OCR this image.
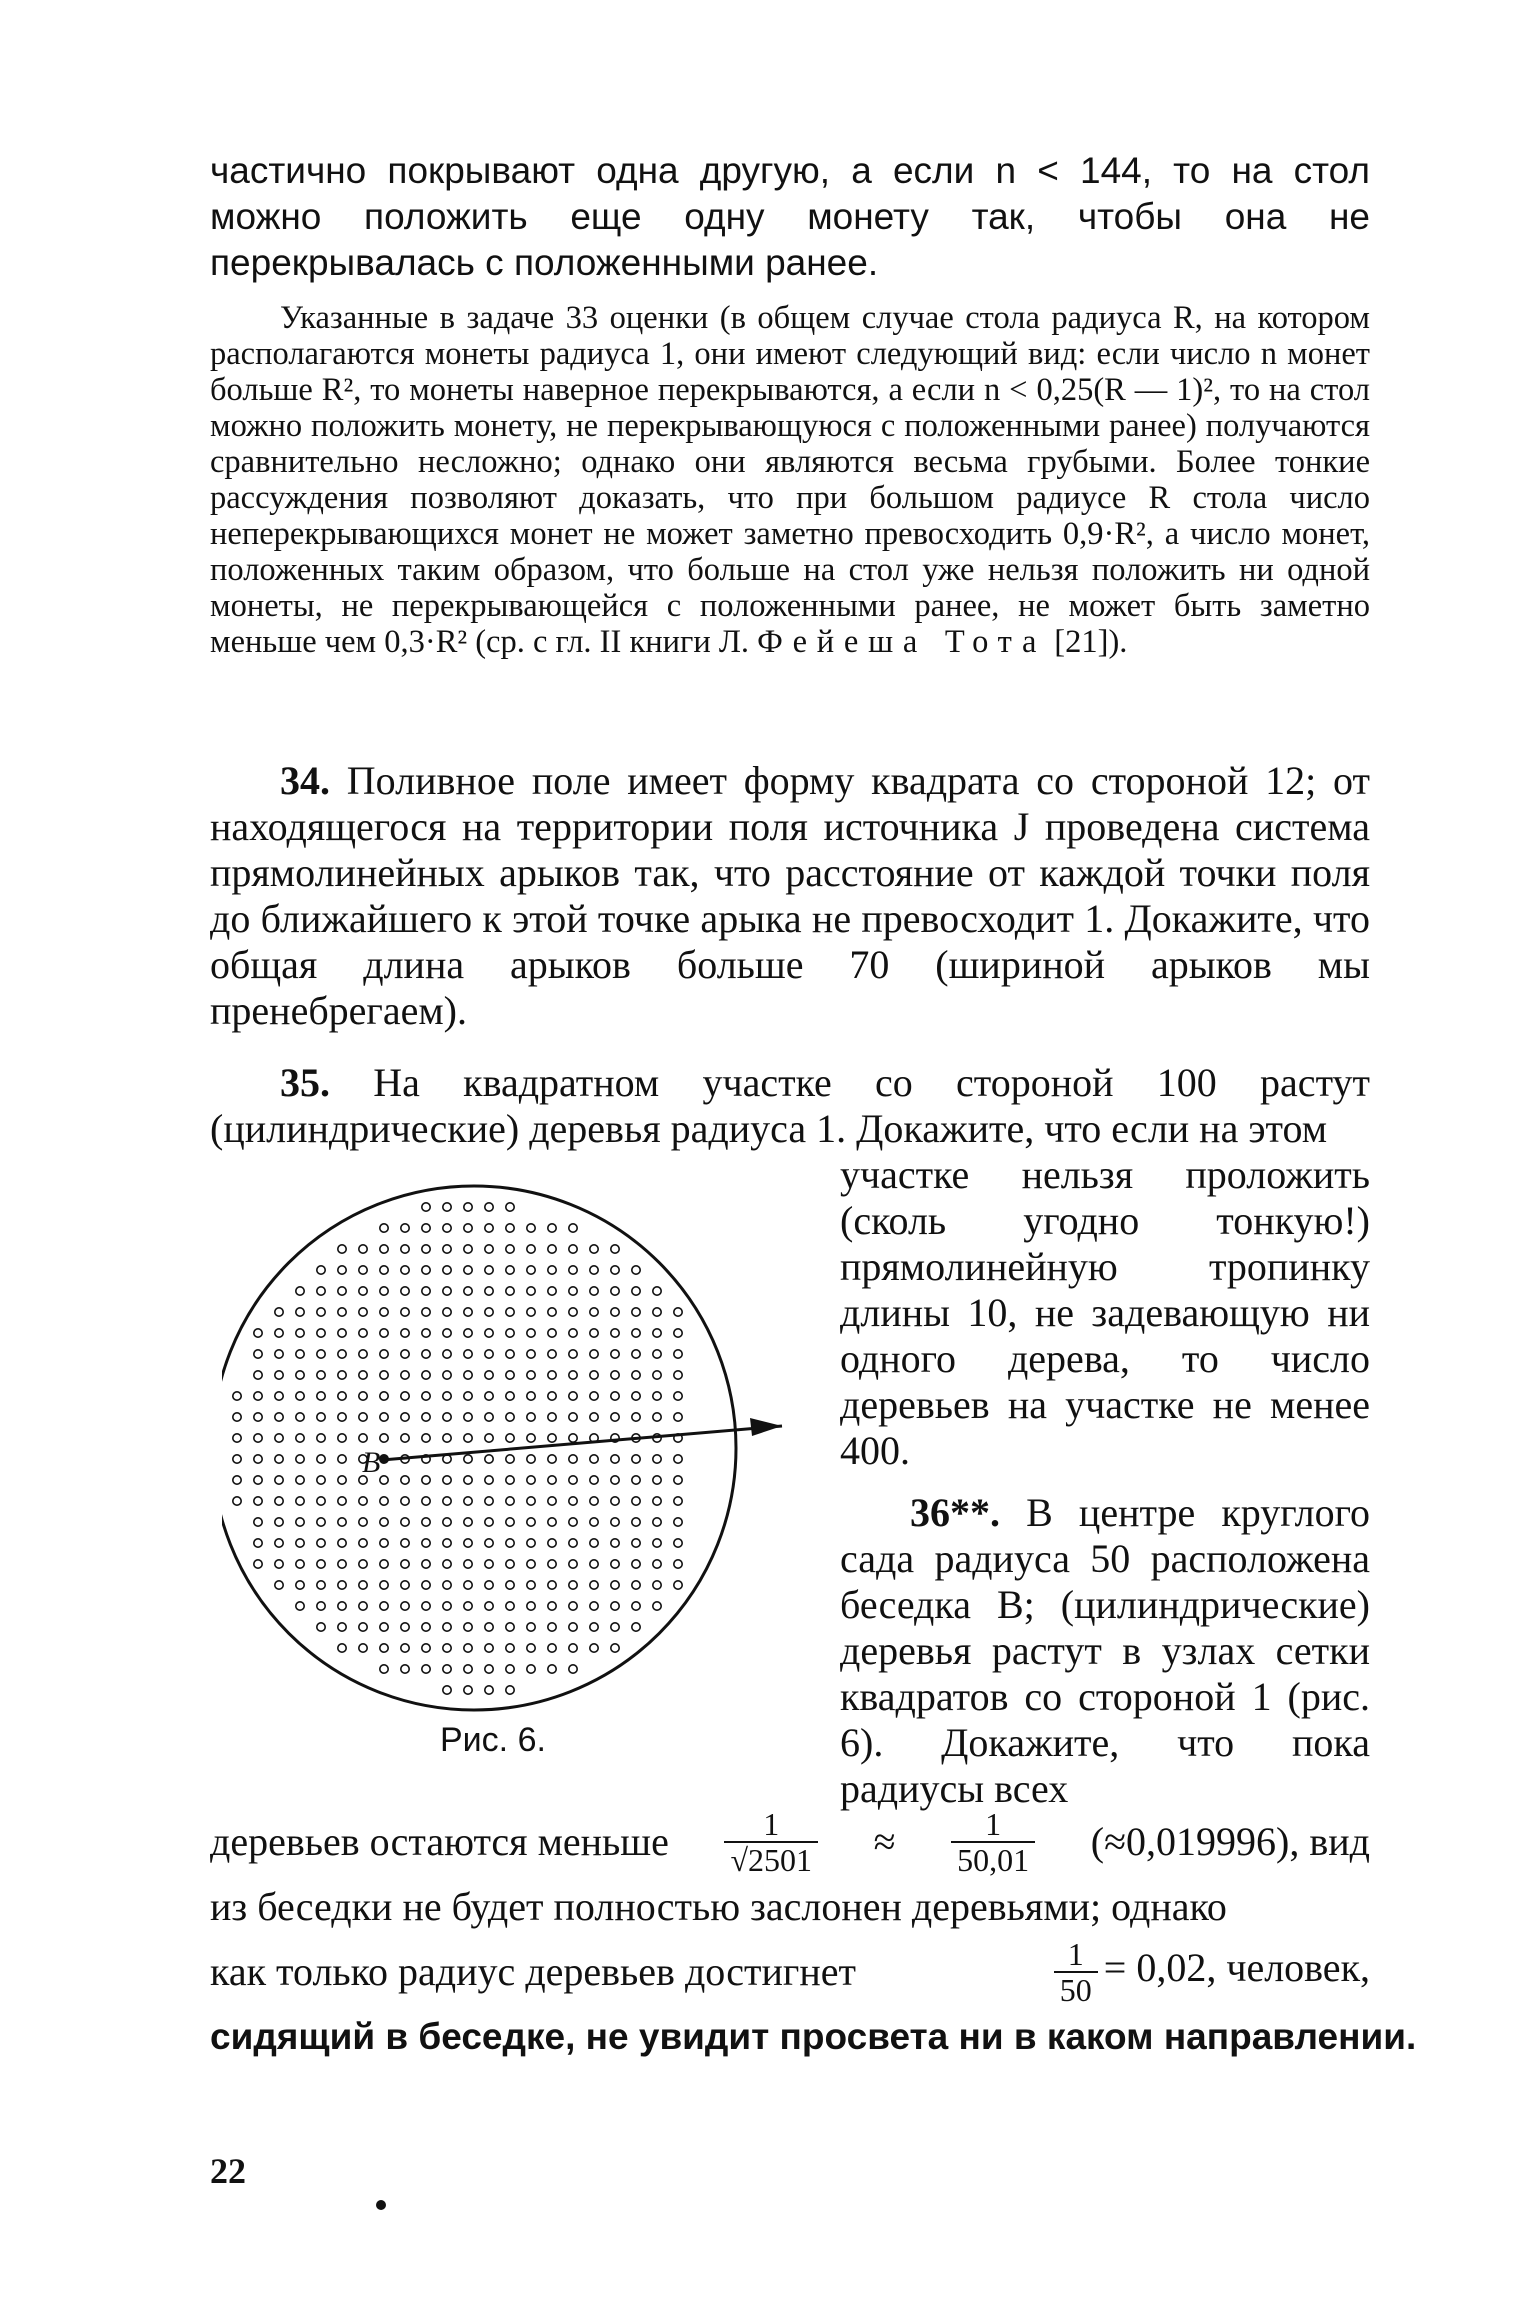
частично покрывают одна другую, а если n < 144, то на стол можно положить еще одну монету так, чтобы она не перекрывалась с положенными ранее.
Указанные в задаче 33 оценки (в общем случае стола радиуса R, на котором располагаются монеты радиуса 1, они имеют следующий вид: если число n монет больше R², то монеты наверное перекрываются, а если n < 0,25(R — 1)², то на стол можно положить монету, не перекрывающуюся с положенными ранее) получаются сравнительно несложно; однако они являются весьма грубыми. Более тонкие рассуждения позволяют доказать, что при большом радиусе R стола число неперекрывающихся монет не может заметно превосходить 0,9·R², а число монет, положенных таким образом, что больше на стол уже нельзя положить ни одной монеты, не перекрывающейся с положенными ранее, не может быть заметно меньше чем 0,3·R² (ср. с гл. II книги Л. Фейеша Тота [21]).
34. Поливное поле имеет форму квадрата со стороной 12; от находящегося на территории поля источника J проведена система прямолинейных арыков так, что расстояние от каждой точки поля до ближайшего к этой точке арыка не превосходит 1. Докажите, что общая длина арыков больше 70 (шириной арыков мы пренебрегаем).
35. На квадратном участке со стороной 100 растут (цилиндрические) деревья радиуса 1. Докажите, что если на этом
участке нельзя проложить (сколь угодно тонкую!) прямолинейную тропинку длины 10, не задевающую ни одного дерева, то число деревьев на участке не менее 400.
B
Рис. 6.
36**. В центре круглого сада радиуса 50 расположена беседка B; (цилиндрические) деревья растут в узлах сетки квадратов со стороной 1 (рис. 6). Докажите, что пока радиусы всех
деревьев остаются меньше $\frac{1}{√2501} \approx \frac{1}{50,01} (\approx 0,019996)$, вид
из беседки не будет полностью заслонен деревьями; однако
как только радиус деревьев достигнет	$\frac{1}{50} = 0,02$, человек,
сидящий в беседке, не увидит просвета ни в каком направлении.
22
